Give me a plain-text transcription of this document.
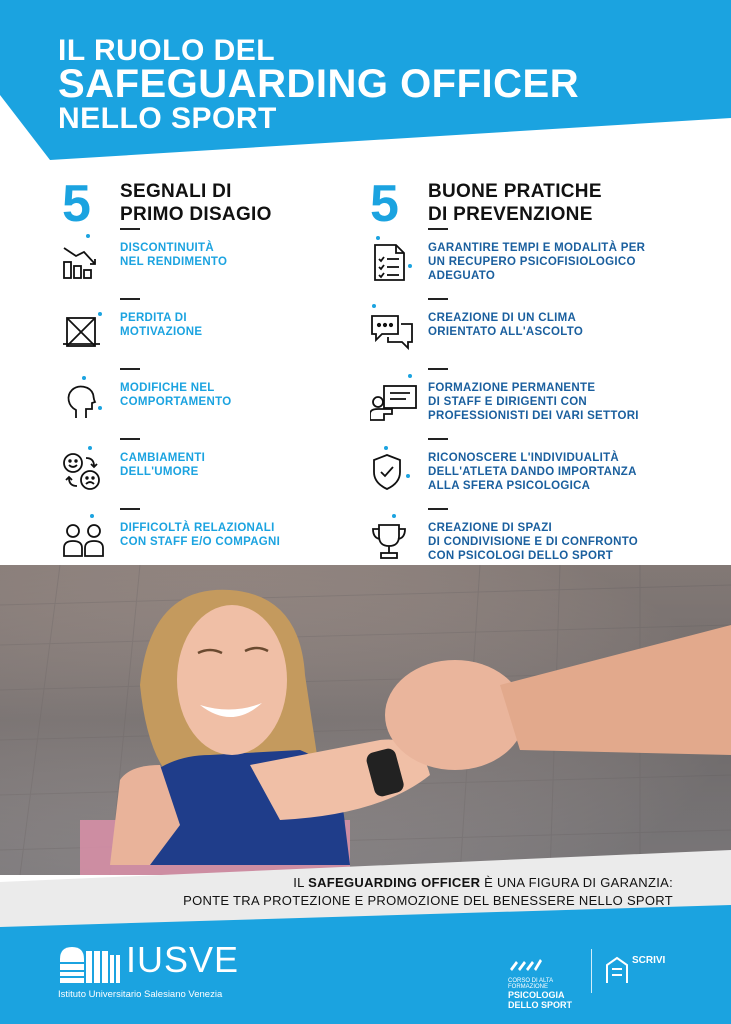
IL RUOLO DEL
SAFEGUARDING OFFICER
NELLO SPORT
5	SEGNALI DI
PRIMO DISAGIO
DISCONTINUITÀ
NEL RENDIMENTO
PERDITA DI
MOTIVAZIONE
MODIFICHE NEL
COMPORTAMENTO
CAMBIAMENTI
DELL'UMORE
DIFFICOLTÀ RELAZIONALI
CON STAFF E/O COMPAGNI
5	BUONE PRATICHE
DI PREVENZIONE
GARANTIRE TEMPI E MODALITÀ PER
UN RECUPERO PSICOFISIOLOGICO
ADEGUATO
CREAZIONE DI UN CLIMA
ORIENTATO ALL'ASCOLTO
FORMAZIONE PERMANENTE
DI STAFF E DIRIGENTI CON
PROFESSIONISTI DEI VARI SETTORI
RICONOSCERE L'INDIVIDUALITÀ
DELL'ATLETA DANDO IMPORTANZA
ALLA SFERA PSICOLOGICA
CREAZIONE DI SPAZI
DI CONDIVISIONE E DI CONFRONTO
CON PSICOLOGI DELLO SPORT
IL SAFEGUARDING OFFICER È UNA FIGURA DI GARANZIA:
PONTE TRA PROTEZIONE E PROMOZIONE DEL BENESSERE NELLO SPORT
IUSVE
Istituto Universitario Salesiano Venezia
CORSO DI ALTA FORMAZIONE
PSICOLOGIA
DELLO SPORT
SCRIVI
